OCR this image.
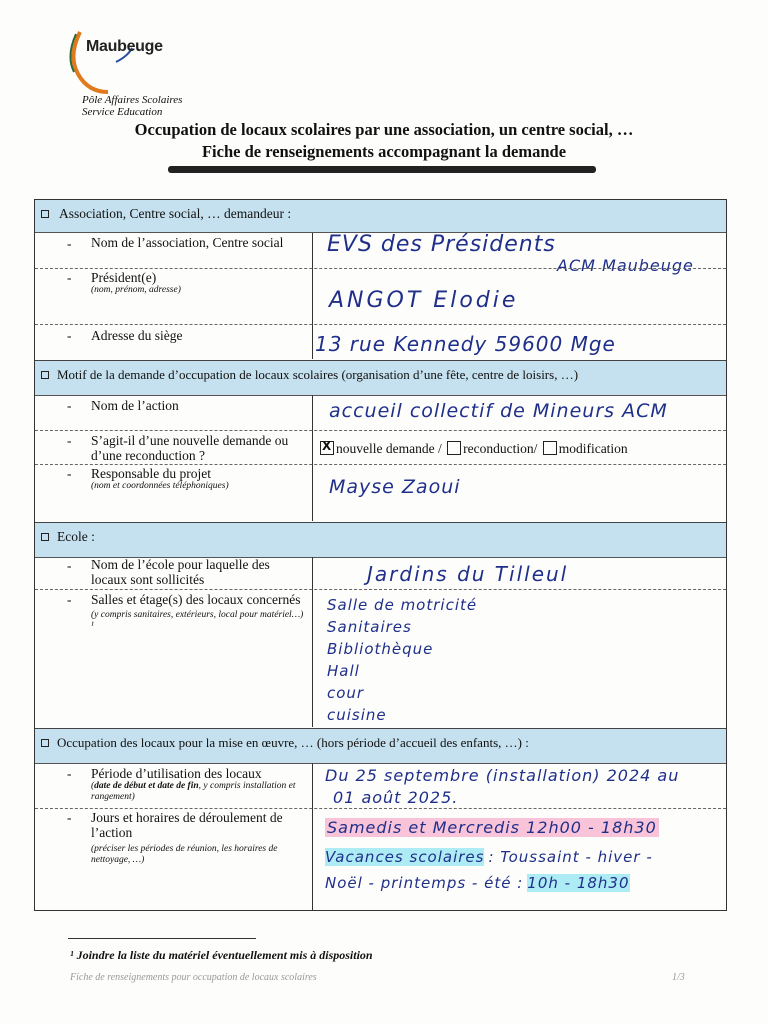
Maubeuge
Pôle Affaires Scolaires
Service Education
Occupation de locaux scolaires par une association, un centre social, …
Fiche de renseignements accompagnant la demande
Association, Centre social, … demandeur :
- Nom de l’association, Centre social	EVS des Présidents
ACM Maubeuge
- Président(e)
(nom, prénom, adresse)	ANGOT Elodie
- Adresse du siège	13 rue Kennedy 59600 Mge
Motif de la demande d’occupation de locaux scolaires (organisation d’une fête, centre de loisirs, …)
- Nom de l’action	accueil collectif de Mineurs ACM
- S’agit-il d’une nouvelle demande ou d’une reconduction ?
X	nouvelle demande / reconduction/ modification
- Responsable du projet
(nom et coordonnées téléphoniques)	Mayse Zaoui
Ecole :
- Nom de l’école pour laquelle des locaux sont sollicités	Jardins du Tilleul
- Salles et étage(s) des locaux concernés
(y compris sanitaires, extérieurs, local pour matériel…) ¹
Salle de motricité
Sanitaires
Bibliothèque
Hall
cour
cuisine
Occupation des locaux pour la mise en œuvre, … (hors période d’accueil des enfants, …) :
- Période d’utilisation des locaux
(date de début et date de fin, y compris installation et rangement)
Du 25 septembre (installation) 2024 au
01 août 2025.
- Jours et horaires de déroulement de l’action
(préciser les périodes de réunion, les horaires de nettoyage, …)
Samedis et Mercredis 12h00 - 18h30
Vacances scolaires : Toussaint - hiver -
Noël - printemps - été : 10h - 18h30
¹ Joindre la liste du matériel éventuellement mis à disposition
Fiche de renseignements pour occupation de locaux scolaires	1/3
